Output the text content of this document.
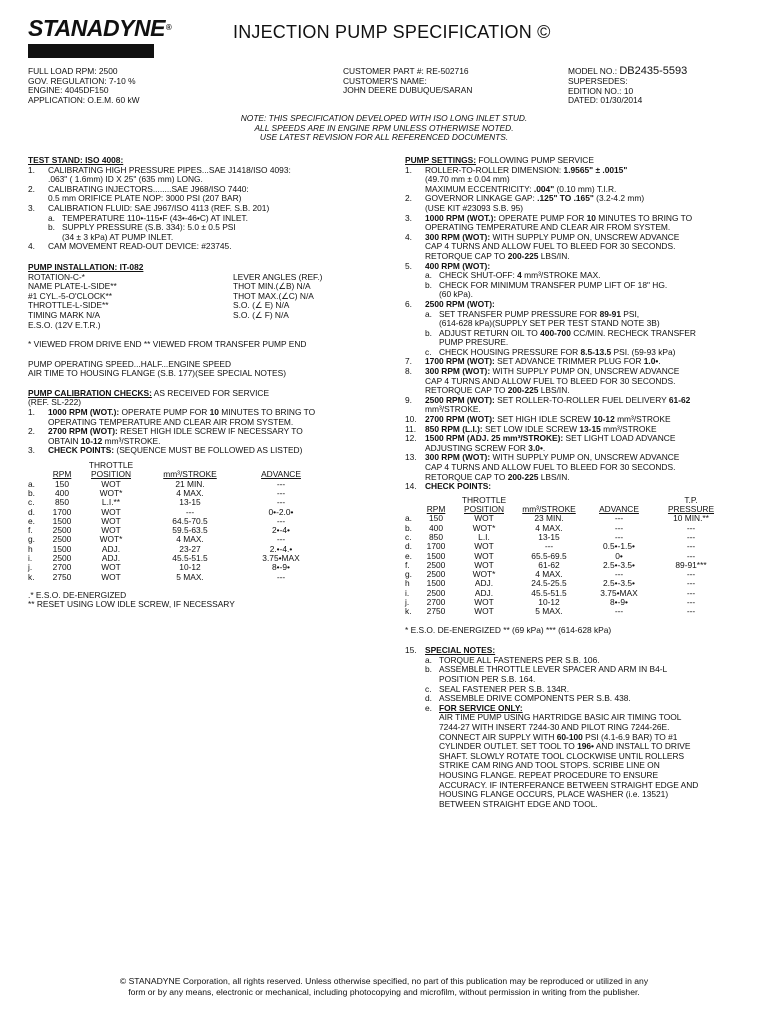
STANADYNE®	INJECTION PUMP SPECIFICATION ©
FULL LOAD RPM: 2500
GOV. REGULATION: 7-10 %
ENGINE: 4045DF150
APPLICATION: O.E.M. 60 kW
CUSTOMER PART #: RE-502716
CUSTOMER'S NAME:
JOHN DEERE DUBUQUE/SARAN
MODEL NO.: DB2435-5593
SUPERSEDES:
EDITION NO.: 10
DATED: 01/30/2014
NOTE: THIS SPECIFICATION DEVELOPED WITH ISO LONG INLET STUD.
ALL SPEEDS ARE IN ENGINE RPM UNLESS OTHERWISE NOTED.
USE LATEST REVISION FOR ALL REFERENCED DOCUMENTS.
TEST STAND: ISO 4008:
1.	CALIBRATING HIGH PRESSURE PIPES...SAE J1418/ISO 4093:
.063" ( 1.6mm) ID X 25" (635 mm) LONG.
2.	CALIBRATING INJECTORS........SAE J968/ISO 7440:
0.5 mm ORIFICE PLATE NOP: 3000 PSI (207 BAR)
3.	CALIBRATION FLUID: SAE J967/ISO 4113 (REF. S.B. 201)
a. TEMPERATURE 110•-115•F (43•-46•C) AT INLET.
b. SUPPLY PRESSURE (S.B. 334): 5.0 ± 0.5 PSI
(34 ± 3 kPa) AT PUMP INLET.
4.	CAM MOVEMENT READ-OUT DEVICE: #23745.
PUMP INSTALLATION: IT-082
ROTATION-C-*	LEVER ANGLES (REF.)
NAME PLATE-L-SIDE**	THOT MIN.(∠B) N/A
#1 CYL.-5-O'CLOCK**	THOT MAX.(∠C) N/A
THROTTLE-L-SIDE**	S.O. (∠ E) N/A
TIMING MARK N/A	S.O. (∠ F) N/A
E.S.O. (12V E.T.R.)
* VIEWED FROM DRIVE END ** VIEWED FROM TRANSFER PUMP END
PUMP OPERATING SPEED...HALF...ENGINE SPEED
AIR TIME TO HOUSING FLANGE (S.B. 177)(SEE SPECIAL NOTES)
PUMP CALIBRATION CHECKS: AS RECEIVED FOR SERVICE
(REF. SL-222)
1.	1000 RPM (WOT.): OPERATE PUMP FOR 10 MINUTES TO BRING TO
OPERATING TEMPERATURE AND CLEAR AIR FROM SYSTEM.
2.	2700 RPM (WOT): RESET HIGH IDLE SCREW IF NECESSARY TO
OBTAIN 10-12 mm³/STROKE.
3.	CHECK POINTS: (SEQUENCE MUST BE FOLLOWED AS LISTED)
		THROTTLE		
	RPM	POSITION	mm³/STROKE	ADVANCE
a.	150	WOT	21 MIN.	---
b.	400	WOT*	4 MAX.	---
c.	850	L.I.**	13-15	---
d.	1700	WOT	---	0•-2.0•
e.	1500	WOT	64.5-70.5	---
f.	2500	WOT	59.5-63.5	2•-4•
g.	2500	WOT*	4 MAX.	---
h	1500	ADJ.	23-27	2.•-4.•
i.	2500	ADJ.	45.5-51.5	3.75•MAX
j.	2700	WOT	10-12	8•-9•
k.	2750	WOT	5 MAX.	---
.* E.S.O. DE-ENERGIZED
** RESET USING LOW IDLE SCREW, IF NECESSARY
PUMP SETTINGS: FOLLOWING PUMP SERVICE
1.	ROLLER-TO-ROLLER DIMENSION: 1.9565" ± .0015"
(49.70 mm ± 0.04 mm)
MAXIMUM ECCENTRICITY: .004" (0.10 mm) T.I.R.
2.	GOVERNOR LINKAGE GAP: .125" TO .165" (3.2-4.2 mm)
(USE KIT #23093 S.B. 95)
3.	1000 RPM (WOT.): OPERATE PUMP FOR 10 MINUTES TO BRING TO
OPERATING TEMPERATURE AND CLEAR AIR FROM SYSTEM.
4.	300 RPM (WOT): WITH SUPPLY PUMP ON, UNSCREW ADVANCE
CAP 4 TURNS AND ALLOW FUEL TO BLEED FOR 30 SECONDS.
RETORQUE CAP TO 200-225 LBS/IN.
5.	400 RPM (WOT):
a. CHECK SHUT-OFF: 4 mm³/STROKE MAX.
b. CHECK FOR MINIMUM TRANSFER PUMP LIFT OF 18" HG.
(60 kPa).
6.	2500 RPM (WOT):
a. SET TRANSFER PUMP PRESSURE FOR 89-91 PSI,
(614-628 kPa)(SUPPLY SET PER TEST STAND NOTE 3B)
b. ADJUST RETURN OIL TO 400-700 CC/MIN. RECHECK TRANSFER
PUMP PRESURE.
c. CHECK HOUSING PRESSURE FOR 8.5-13.5 PSI. (59-93 kPa)
7.	1700 RPM (WOT): SET ADVANCE TRIMMER PLUG FOR 1.0•.
8.	300 RPM (WOT): WITH SUPPLY PUMP ON, UNSCREW ADVANCE
CAP 4 TURNS AND ALLOW FUEL TO BLEED FOR 30 SECONDS.
RETORQUE CAP TO 200-225 LBS/IN.
9.	2500 RPM (WOT): SET ROLLER-TO-ROLLER FUEL DELIVERY 61-62
mm³/STROKE.
10. 2700 RPM (WOT): SET HIGH IDLE SCREW 10-12 mm³/STROKE
11.	850 RPM (L.I.): SET LOW IDLE SCREW 13-15 mm³/STROKE
12. 1500 RPM (ADJ. 25 mm³/STROKE): SET LIGHT LOAD ADVANCE
ADJUSTING SCREW FOR 3.0•.
13. 300 RPM (WOT): WITH SUPPLY PUMP ON, UNSCREW ADVANCE
CAP 4 TURNS AND ALLOW FUEL TO BLEED FOR 30 SECONDS.
RETORQUE CAP TO 200-225 LBS/IN.
14. CHECK POINTS:
		THROTTLE			T.P.
	RPM	POSITION	mm³/STROKE	ADVANCE	PRESSURE
a.	150	WOT	23 MIN.	---	10 MIN.**
b.	400	WOT*	4 MAX.	---	---
c.	850	L.I.	13-15	---	---
d.	1700	WOT	---	0.5•-1.5•	---
e.	1500	WOT	65.5-69.5	0•	---
f.	2500	WOT	61-62	2.5•-3.5•	89-91***
g.	2500	WOT*	4 MAX.	---	---
h	1500	ADJ.	24.5-25.5	2.5•-3.5•	---
i.	2500	ADJ.	45.5-51.5	3.75•MAX	---
j.	2700	WOT	10-12	8•-9•	---
k.	2750	WOT	5 MAX.	---	---
* E.S.O. DE-ENERGIZED ** (69 kPa) *** (614-628 kPa)
15. SPECIAL NOTES:
a. TORQUE ALL FASTENERS PER S.B. 106.
b. ASSEMBLE THROTTLE LEVER SPACER AND ARM IN B4-L
POSITION PER S.B. 164.
c. SEAL FASTENER PER S.B. 134R.
d. ASSEMBLE DRIVE COMPONENTS PER S.B. 438.
e. FOR SERVICE ONLY:
AIR TIME PUMP USING HARTRIDGE BASIC AIR TIMING TOOL
7244-27 WITH INSERT 7244-30 AND PILOT RING 7244-26E.
CONNECT AIR SUPPLY WITH 60-100 PSI (4.1-6.9 BAR) TO #1
CYLINDER OUTLET. SET TOOL TO 196• AND INSTALL TO DRIVE
SHAFT. SLOWLY ROTATE TOOL CLOCKWISE UNTIL ROLLERS
STRIKE CAM RING AND TOOL STOPS. SCRIBE LINE ON
HOUSING FLANGE. REPEAT PROCEDURE TO ENSURE
ACCURACY. IF INTERFERANCE BETWEEN STRAIGHT EDGE AND
HOUSING FLANGE OCCURS, PLACE WASHER (i.e. 13521)
BETWEEN STRAIGHT EDGE AND TOOL.
© STANADYNE Corporation, all rights reserved. Unless otherwise specified, no part of this publication may be reproduced or utilized in any
form or by any means, electronic or mechanical, including photocopying and microfilm, without permission in writing from the publisher.
